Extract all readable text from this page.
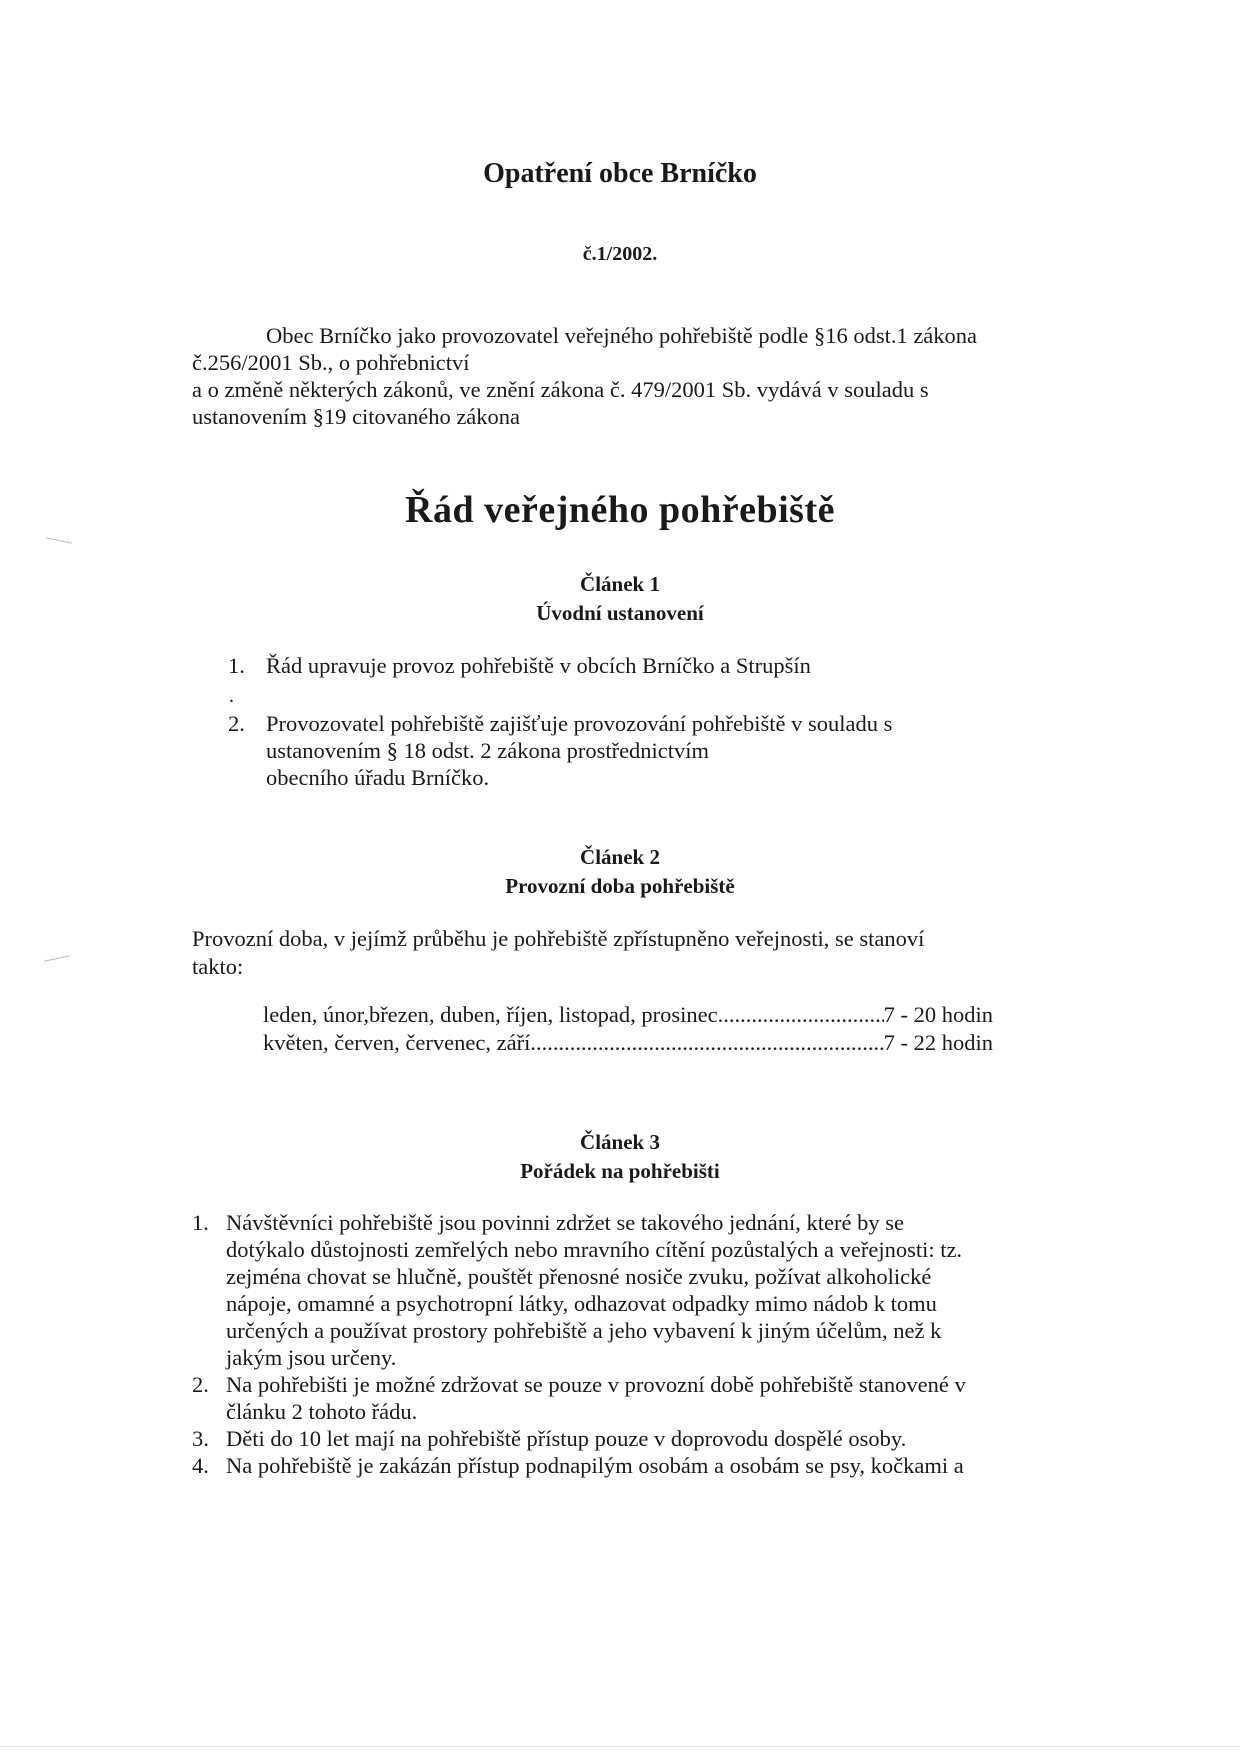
Opatření obce Brníčko
č.1/2002.
Obec Brníčko jako provozovatel veřejného pohřebiště podle §16 odst.1 zákona
č.256/2001 Sb., o pohřebnictví
a o změně některých zákonů, ve znění zákona č. 479/2001 Sb. vydává v souladu s
ustanovením §19 citovaného zákona
Řád veřejného pohřebiště
Článek 1
Úvodní ustanovení
1. Řád upravuje provoz pohřebiště v obcích Brníčko a Strupšín
.
2. Provozovatel pohřebiště zajišťuje provozování pohřebiště v souladu s
ustanovením § 18 odst. 2 zákona prostřednictvím
obecního úřadu Brníčko.
Článek 2
Provozní doba pohřebiště
Provozní doba, v jejímž průběhu je pohřebiště zpřístupněno veřejnosti, se stanoví
takto:
leden, únor,březen, duben, říjen, listopad, prosinec .....	7 - 20 hodin
květen, červen, červenec, září .....	7 - 22 hodin
Článek 3
Pořádek na pohřebišti
1. Návštěvníci pohřebiště jsou povinni zdržet se takového jednání, které by se
dotýkalo důstojnosti zemřelých nebo mravního cítění pozůstalých a veřejnosti: tz.
zejména chovat se hlučně, pouštět přenosné nosiče zvuku, požívat alkoholické
nápoje, omamné a psychotropní látky, odhazovat odpadky mimo nádob k tomu
určených a používat prostory pohřebiště a jeho vybavení k jiným účelům, než k
jakým jsou určeny.
2. Na pohřebišti je možné zdržovat se pouze v provozní době pohřebiště stanovené v
článku 2 tohoto řádu.
3. Děti do 10 let mají na pohřebiště přístup pouze v doprovodu dospělé osoby.
4. Na pohřebiště je zakázán přístup podnapilým osobám a osobám se psy, kočkami a
